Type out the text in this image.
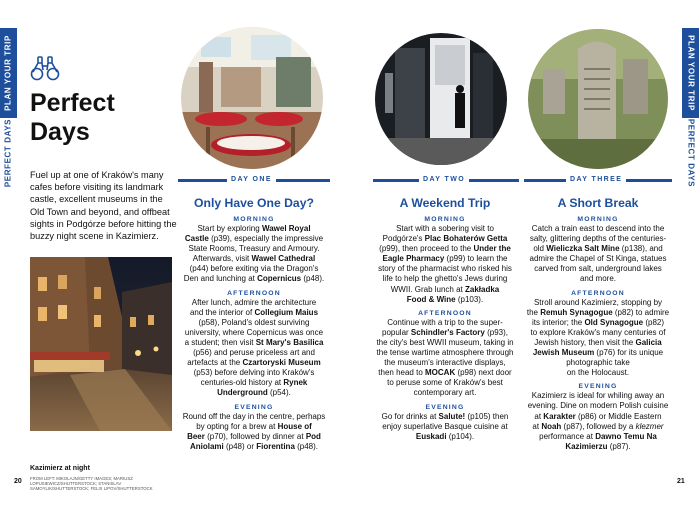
PLAN YOUR TRIP
PERFECT DAYS
PLAN YOUR TRIP
PERFECT DAYS
Perfect
Days
Fuel up at one of Kraków's many cafes before visiting its landmark castle, excellent museums in the Old Town and beyond, and offbeat sights in Podgórze before hitting the buzzy night scene in Kazimierz.
Kazimierz at night
FROM LEFT: MIKOLAJN/GETTY IMAGES; MARIUSZ LOPUSIEWICZ/SHUTTERSTOCK; STANISLAV SAMOYLIK/SHUTTERSTOCK; FELIX LIPOV/SHUTTERSTOCK
20	21
DAY ONE	DAY TWO	DAY THREE
Only Have One Day?
MORNING
Start by exploring Wawel Royal
Castle (p39), especially the impressive
State Rooms, Treasury and Armoury.
Afterwards, visit Wawel Cathedral
(p44) before exiting via the Dragon's
Den and lunching at Copernicus (p48).
AFTERNOON
After lunch, admire the architecture
and the interior of Collegium Maius
(p58), Poland's oldest surviving
university, where Copernicus was once
a student; then visit St Mary's Basilica
(p56) and peruse priceless art and
artefacts at the Czartoryski Museum
(p53) before delving into Kraków's
centuries-old history at Rynek
Underground (p54).
EVENING
Round off the day in the centre, perhaps
by opting for a brew at House of
Beer (p70), followed by dinner at Pod
Aniolami (p48) or Fiorentina (p48).
A Weekend Trip
MORNING
Start with a sobering visit to
Podgórze's Plac Bohaterów Getta
(p99), then proceed to the Under the
Eagle Pharmacy (p99) to learn the
story of the pharmacist who risked his
life to help the ghetto's Jews during
WWII. Grab lunch at Zakładka
Food & Wine (p103).
AFTERNOON
Continue with a trip to the super-
popular Schindler's Factory (p93),
the city's best WWII museum, taking in
the tense wartime atmosphere through
the museum's interactive displays,
then head to MOCAK (p98) next door
to peruse some of Kraków's best
contemporary art.
EVENING
Go for drinks at Salute! (p105) then
enjoy superlative Basque cuisine at
Euskadi (p104).
A Short Break
MORNING
Catch a train east to descend into the
salty, glittering depths of the centuries-
old Wieliczka Salt Mine (p138), and
admire the Chapel of St Kinga, statues
carved from salt, underground lakes
and more.
AFTERNOON
Stroll around Kazimierz, stopping by
the Remuh Synagogue (p82) to admire
its interior; the Old Synagogue (p82)
to explore Kraków's many centuries of
Jewish history, then visit the Galicia
Jewish Museum (p76) for its unique
photographic take
on the Holocaust.
EVENING
Kazimierz is ideal for whiling away an
evening. Dine on modern Polish cuisine
at Karakter (p86) or Middle Eastern
at Noah (p87), followed by a klezmer
performance at Dawno Temu Na
Kazimierzu (p87).
